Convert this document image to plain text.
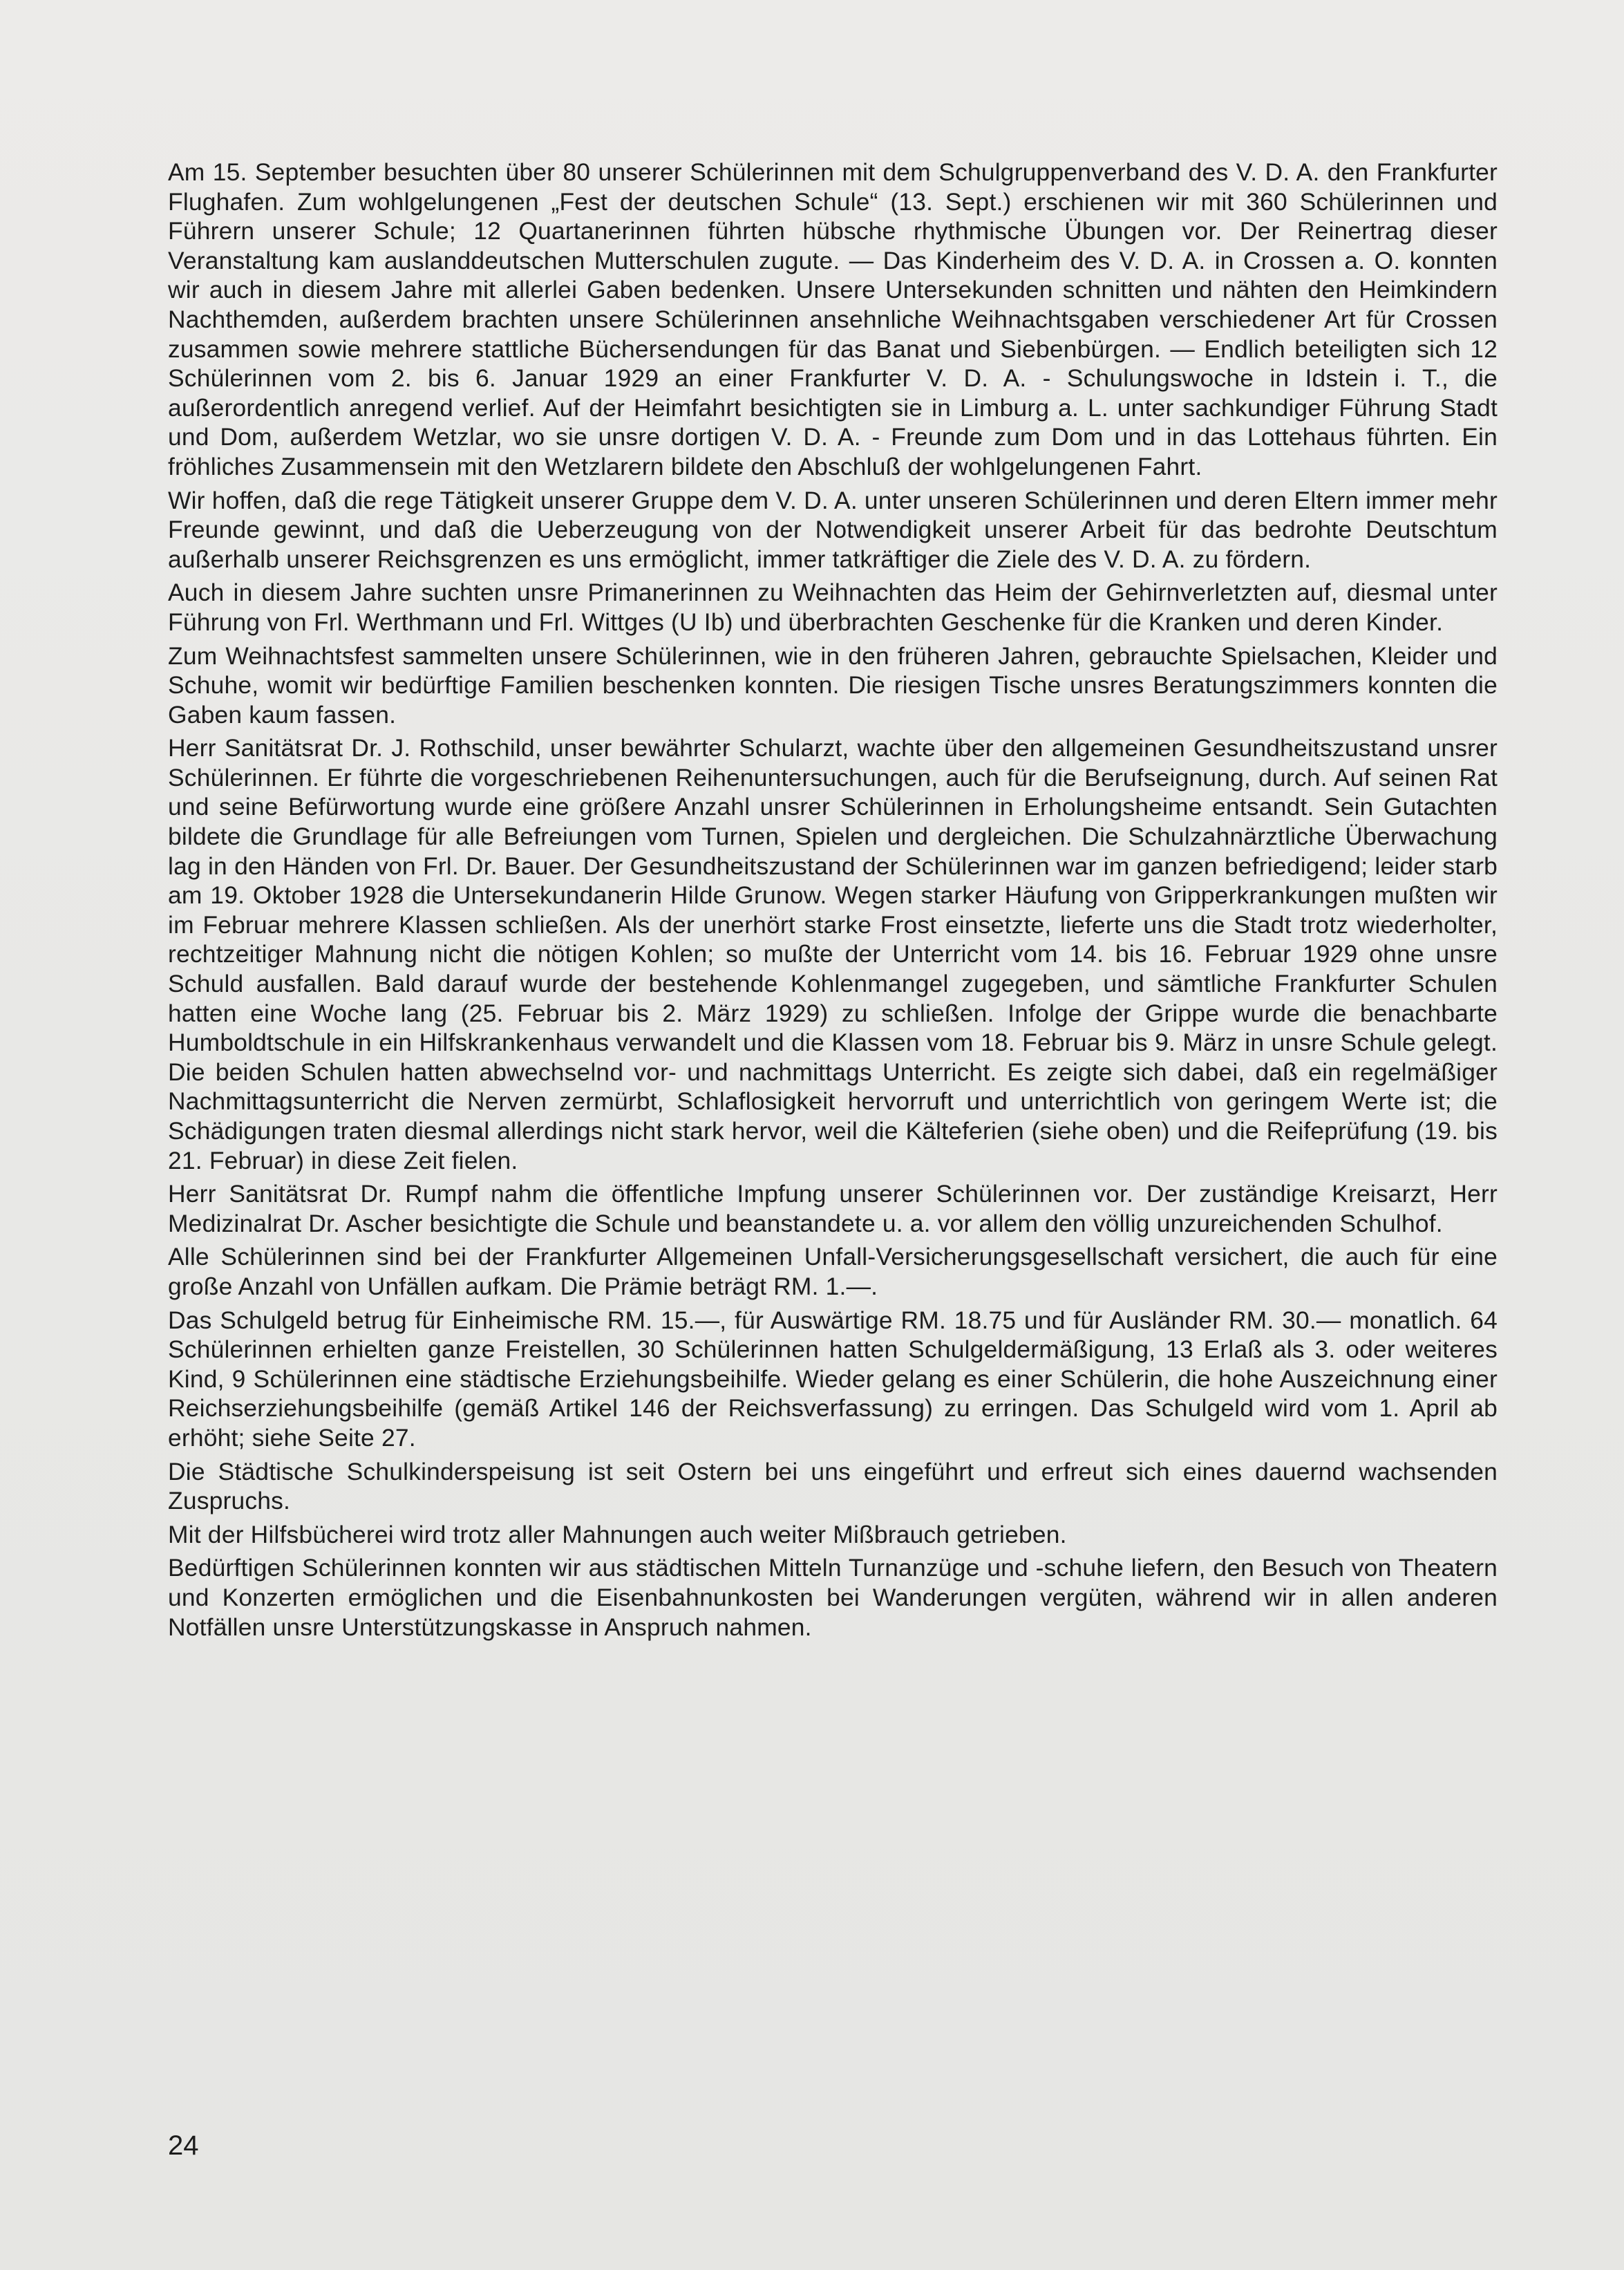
Am 15. September besuchten über 80 unserer Schülerinnen mit dem Schulgruppenverband des V. D. A. den Frankfurter Flughafen. Zum wohlgelungenen „Fest der deutschen Schule“ (13. Sept.) erschienen wir mit 360 Schülerinnen und Führern unserer Schule; 12 Quartanerinnen führten hübsche rhythmische Übungen vor. Der Reinertrag dieser Veranstaltung kam auslanddeutschen Mutterschulen zugute. — Das Kinderheim des V. D. A. in Crossen a. O. konnten wir auch in diesem Jahre mit allerlei Gaben bedenken. Unsere Untersekunden schnitten und nähten den Heimkindern Nachthemden, außerdem brachten unsere Schülerinnen ansehnliche Weihnachtsgaben verschiedener Art für Crossen zusammen sowie mehrere stattliche Büchersendungen für das Banat und Siebenbürgen. — Endlich beteiligten sich 12 Schülerinnen vom 2. bis 6. Januar 1929 an einer Frankfurter V. D. A. - Schulungswoche in Idstein i. T., die außerordentlich anregend verlief. Auf der Heimfahrt besichtigten sie in Limburg a. L. unter sachkundiger Führung Stadt und Dom, außerdem Wetzlar, wo sie unsre dortigen V. D. A. - Freunde zum Dom und in das Lottehaus führten. Ein fröhliches Zusammensein mit den Wetzlarern bildete den Abschluß der wohlgelungenen Fahrt.

Wir hoffen, daß die rege Tätigkeit unserer Gruppe dem V. D. A. unter unseren Schülerinnen und deren Eltern immer mehr Freunde gewinnt, und daß die Ueberzeugung von der Notwendigkeit unserer Arbeit für das bedrohte Deutschtum außerhalb unserer Reichsgrenzen es uns ermöglicht, immer tatkräftiger die Ziele des V. D. A. zu fördern.

Auch in diesem Jahre suchten unsre Primanerinnen zu Weihnachten das Heim der Gehirnverletzten auf, diesmal unter Führung von Frl. Werthmann und Frl. Wittges (U Ib) und überbrachten Geschenke für die Kranken und deren Kinder.

Zum Weihnachtsfest sammelten unsere Schülerinnen, wie in den früheren Jahren, gebrauchte Spielsachen, Kleider und Schuhe, womit wir bedürftige Familien beschenken konnten. Die riesigen Tische unsres Beratungszimmers konnten die Gaben kaum fassen.

Herr Sanitätsrat Dr. J. Rothschild, unser bewährter Schularzt, wachte über den allgemeinen Gesundheitszustand unsrer Schülerinnen. Er führte die vorgeschriebenen Reihenuntersuchungen, auch für die Berufseignung, durch. Auf seinen Rat und seine Befürwortung wurde eine größere Anzahl unsrer Schülerinnen in Erholungsheime entsandt. Sein Gutachten bildete die Grundlage für alle Befreiungen vom Turnen, Spielen und dergleichen. Die Schulzahnärztliche Überwachung lag in den Händen von Frl. Dr. Bauer. Der Gesundheitszustand der Schülerinnen war im ganzen befriedigend; leider starb am 19. Oktober 1928 die Untersekundanerin Hilde Grunow. Wegen starker Häufung von Gripperkrankungen mußten wir im Februar mehrere Klassen schließen. Als der unerhört starke Frost einsetzte, lieferte uns die Stadt trotz wiederholter, rechtzeitiger Mahnung nicht die nötigen Kohlen; so mußte der Unterricht vom 14. bis 16. Februar 1929 ohne unsre Schuld ausfallen. Bald darauf wurde der bestehende Kohlenmangel zugegeben, und sämtliche Frankfurter Schulen hatten eine Woche lang (25. Februar bis 2. März 1929) zu schließen. Infolge der Grippe wurde die benachbarte Humboldtschule in ein Hilfskrankenhaus verwandelt und die Klassen vom 18. Februar bis 9. März in unsre Schule gelegt. Die beiden Schulen hatten abwechselnd vor- und nachmittags Unterricht. Es zeigte sich dabei, daß ein regelmäßiger Nachmittagsunterricht die Nerven zermürbt, Schlaflosigkeit hervorruft und unterrichtlich von geringem Werte ist; die Schädigungen traten diesmal allerdings nicht stark hervor, weil die Kälteferien (siehe oben) und die Reifeprüfung (19. bis 21. Februar) in diese Zeit fielen.

Herr Sanitätsrat Dr. Rumpf nahm die öffentliche Impfung unserer Schülerinnen vor. Der zuständige Kreisarzt, Herr Medizinalrat Dr. Ascher besichtigte die Schule und beanstandete u. a. vor allem den völlig unzureichenden Schulhof.

Alle Schülerinnen sind bei der Frankfurter Allgemeinen Unfall-Versicherungsgesellschaft versichert, die auch für eine große Anzahl von Unfällen aufkam. Die Prämie beträgt RM. 1.—.

Das Schulgeld betrug für Einheimische RM. 15.—, für Auswärtige RM. 18.75 und für Ausländer RM. 30.— monatlich. 64 Schülerinnen erhielten ganze Freistellen, 30 Schülerinnen hatten Schulgeldermäßigung, 13 Erlaß als 3. oder weiteres Kind, 9 Schülerinnen eine städtische Erziehungsbeihilfe. Wieder gelang es einer Schülerin, die hohe Auszeichnung einer Reichserziehungsbeihilfe (gemäß Artikel 146 der Reichsverfassung) zu erringen. Das Schulgeld wird vom 1. April ab erhöht; siehe Seite 27.

Die Städtische Schulkinderspeisung ist seit Ostern bei uns eingeführt und erfreut sich eines dauernd wachsenden Zuspruchs.

Mit der Hilfsbücherei wird trotz aller Mahnungen auch weiter Mißbrauch getrieben.

Bedürftigen Schülerinnen konnten wir aus städtischen Mitteln Turnanzüge und -schuhe liefern, den Besuch von Theatern und Konzerten ermöglichen und die Eisenbahnunkosten bei Wanderungen vergüten, während wir in allen anderen Notfällen unsre Unterstützungskasse in Anspruch nahmen.

24
